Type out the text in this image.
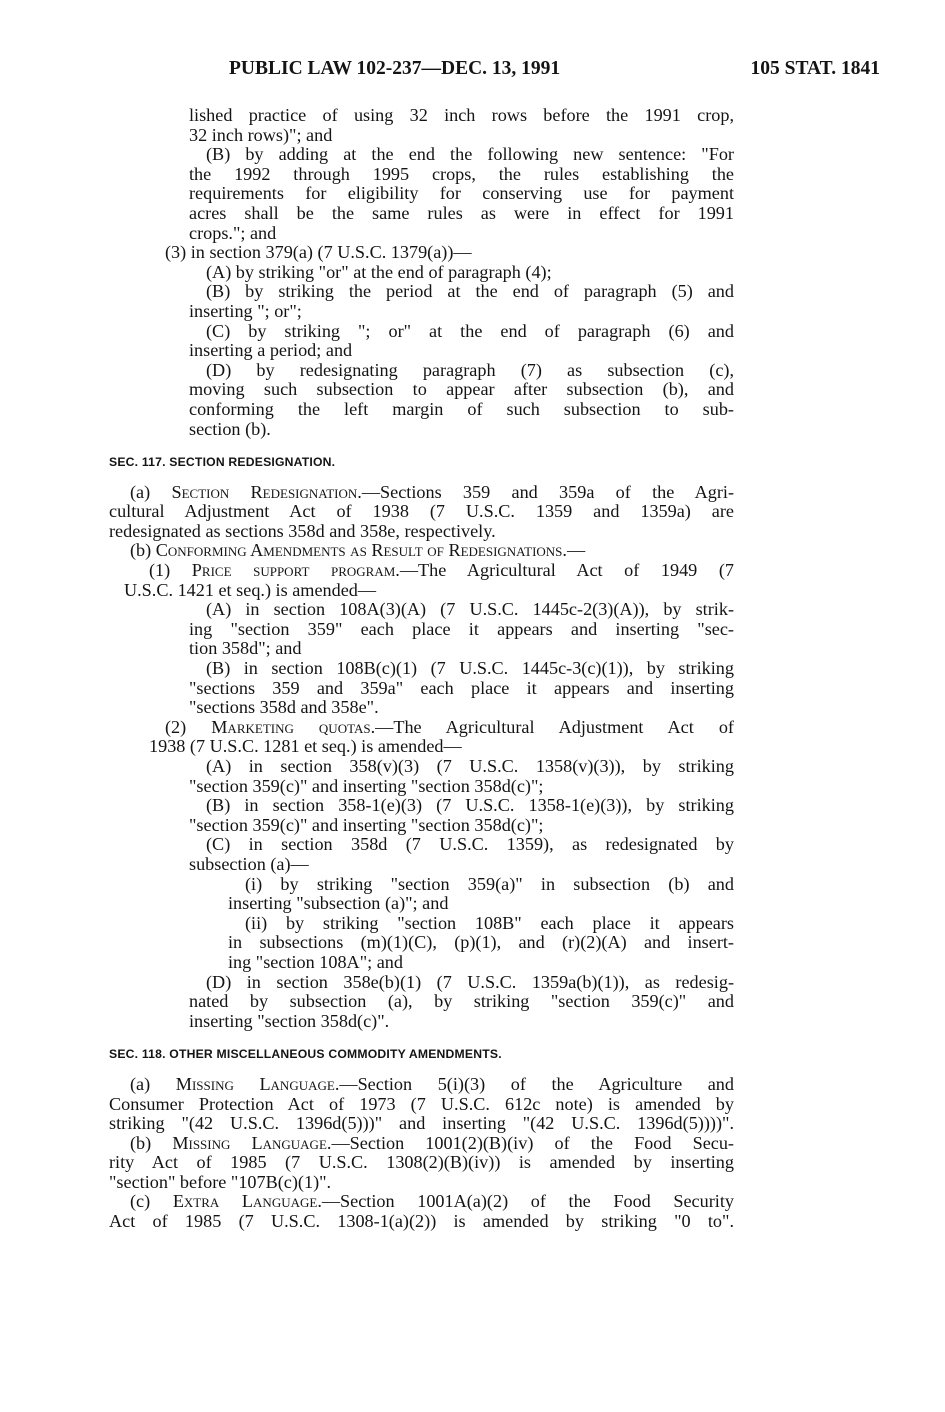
PUBLIC LAW 102-237—DEC. 13, 1991	105 STAT. 1841
lished practice of using 32 inch rows before the 1991 crop,
32 inch rows)"; and
(B) by adding at the end the following new sentence: "For
the 1992 through 1995 crops, the rules establishing the
requirements for eligibility for conserving use for payment
acres shall be the same rules as were in effect for 1991
crops."; and
(3) in section 379(a) (7 U.S.C. 1379(a))—
(A) by striking "or" at the end of paragraph (4);
(B) by striking the period at the end of paragraph (5) and
inserting "; or";
(C) by striking "; or" at the end of paragraph (6) and
inserting a period; and
(D) by redesignating paragraph (7) as subsection (c),
moving such subsection to appear after subsection (b), and
conforming the left margin of such subsection to sub-
section (b).
SEC. 117. SECTION REDESIGNATION.
(a) Section Redesignation.—Sections 359 and 359a of the Agri-
cultural Adjustment Act of 1938 (7 U.S.C. 1359 and 1359a) are
redesignated as sections 358d and 358e, respectively.
(b) Conforming Amendments as Result of Redesignations.—
(1) Price support program.—The Agricultural Act of 1949 (7
U.S.C. 1421 et seq.) is amended—
(A) in section 108A(3)(A) (7 U.S.C. 1445c-2(3)(A)), by strik-
ing "section 359" each place it appears and inserting "sec-
tion 358d"; and
(B) in section 108B(c)(1) (7 U.S.C. 1445c-3(c)(1)), by striking
"sections 359 and 359a" each place it appears and inserting
"sections 358d and 358e".
(2) Marketing quotas.—The Agricultural Adjustment Act of
1938 (7 U.S.C. 1281 et seq.) is amended—
(A) in section 358(v)(3) (7 U.S.C. 1358(v)(3)), by striking
"section 359(c)" and inserting "section 358d(c)";
(B) in section 358-1(e)(3) (7 U.S.C. 1358-1(e)(3)), by striking
"section 359(c)" and inserting "section 358d(c)";
(C) in section 358d (7 U.S.C. 1359), as redesignated by
subsection (a)—
(i) by striking "section 359(a)" in subsection (b) and
inserting "subsection (a)"; and
(ii) by striking "section 108B" each place it appears
in subsections (m)(1)(C), (p)(1), and (r)(2)(A) and insert-
ing "section 108A"; and
(D) in section 358e(b)(1) (7 U.S.C. 1359a(b)(1)), as redesig-
nated by subsection (a), by striking "section 359(c)" and
inserting "section 358d(c)".
SEC. 118. OTHER MISCELLANEOUS COMMODITY AMENDMENTS.
(a) Missing Language.—Section 5(i)(3) of the Agriculture and
Consumer Protection Act of 1973 (7 U.S.C. 612c note) is amended by
striking "(42 U.S.C. 1396d(5)))" and inserting "(42 U.S.C. 1396d(5))))".
(b) Missing Language.—Section 1001(2)(B)(iv) of the Food Secu-
rity Act of 1985 (7 U.S.C. 1308(2)(B)(iv)) is amended by inserting
"section" before "107B(c)(1)".
(c) Extra Language.—Section 1001A(a)(2) of the Food Security
Act of 1985 (7 U.S.C. 1308-1(a)(2)) is amended by striking "0 to".
